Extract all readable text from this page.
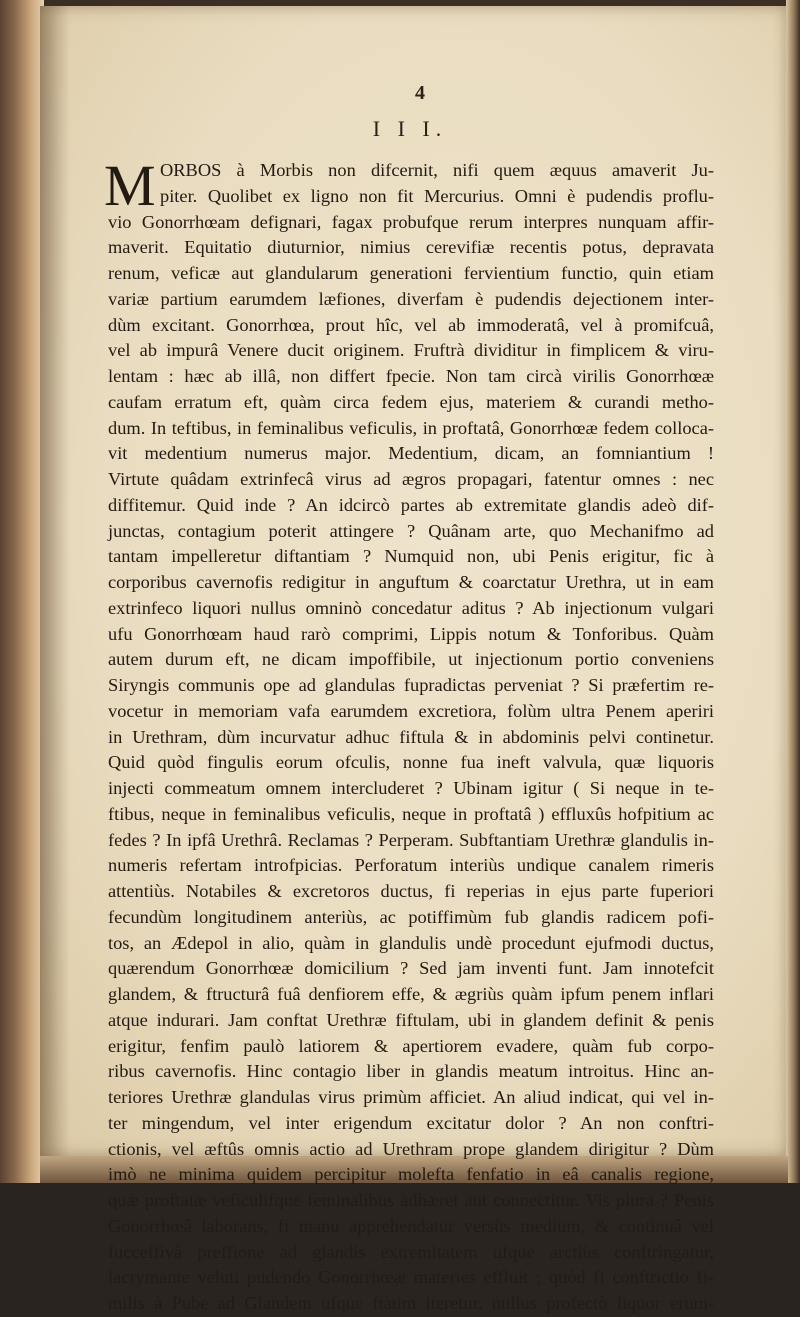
4
I I I.
M ORBOS à Morbis non difcernit, nifi quem æquus amaverit Ju-
piter. Quolibet ex ligno non fit Mercurius. Omni è pudendis proflu-
vio Gonorrhœam defignari, fagax probufque rerum interpres nunquam affir-
maverit. Equitatio diuturnior, nimius cerevifiæ recentis potus, depravata
renum, veficæ aut glandularum generationi fervientium functio, quin etiam
variæ partium earumdem læfiones, diverfam è pudendis dejectionem inter-
dùm excitant. Gonorrhœa, prout hîc, vel ab immoderatâ, vel à promifcuâ,
vel ab impurâ Venere ducit originem. Fruftrà dividitur in fimplicem & viru-
lentam : hæc ab illâ, non differt fpecie. Non tam circà virilis Gonorrhœæ
caufam erratum eft, quàm circa fedem ejus, materiem & curandi metho-
dum. In teftibus, in feminalibus veficulis, in proftatâ, Gonorrhœæ fedem colloca-
vit medentium numerus major. Medentium, dicam, an fomniantium !
Virtute quâdam extrinfecâ virus ad ægros propagari, fatentur omnes : nec
diffitemur. Quid inde ? An idcircò partes ab extremitate glandis adeò dif-
junctas, contagium poterit attingere ? Quânam arte, quo Mechanifmo ad
tantam impelleretur diftantiam ? Numquid non, ubi Penis erigitur, fic à
corporibus cavernofis redigitur in anguftum & coarctatur Urethra, ut in eam
extrinfeco liquori nullus omninò concedatur aditus ? Ab injectionum vulgari
ufu Gonorrhœam haud rarò comprimi, Lippis notum & Tonforibus. Quàm
autem durum eft, ne dicam impoffibile, ut injectionum portio conveniens
Siryngis communis ope ad glandulas fupradictas perveniat ? Si præfertim re-
vocetur in memoriam vafa earumdem excretiora, folùm ultra Penem aperiri
in Urethram, dùm incurvatur adhuc fiftula & in abdominis pelvi continetur.
Quid quòd fingulis eorum ofculis, nonne fua ineft valvula, quæ liquoris
injecti commeatum omnem intercluderet ? Ubinam igitur ( Si neque in te-
ftibus, neque in feminalibus veficulis, neque in proftatâ ) effluxûs hofpitium ac
fedes ? In ipfâ Urethrâ. Reclamas ? Perperam. Subftantiam Urethræ glandulis in-
numeris refertam introfpicias. Perforatum interiùs undique canalem rimeris
attentiùs. Notabiles & excretoros ductus, fi reperias in ejus parte fuperiori
fecundùm longitudinem anteriùs, ac potiffimùm fub glandis radicem pofi-
tos, an Ædepol in alio, quàm in glandulis undè procedunt ejufmodi ductus,
quærendum Gonorrhœæ domicilium ? Sed jam inventi funt. Jam innotefcit
glandem, & ftructurâ fuâ denfiorem effe, & ægriùs quàm ipfum penem inflari
atque indurari. Jam conftat Urethræ fiftulam, ubi in glandem definit & penis
erigitur, fenfim paulò latiorem & apertiorem evadere, quàm fub corpo-
ribus cavernofis. Hinc contagio liber in glandis meatum introitus. Hinc an-
teriores Urethræ glandulas virus primùm afficiet. An aliud indicat, qui vel in-
ter mingendum, vel inter erigendum excitatur dolor ? An non conftri-
ctionis, vel æftûs omnis actio ad Urethram prope glandem dirigitur ? Dùm
imò ne minima quidem percipitur molefta fenfatio in eâ canalis regione,
quæ proftatæ veficulifque feminalibus adhæret aut connectitur. Vis plura ? Penis
Gonorrhœâ laborans, fi manu apprehendatur versùs medium, & continuâ vel
fucceffivâ preffione ad glandis extremitatem ufque arctiùs conftringatur,
lacrymante veluti pudendo Gonorrhœæ materies effluit ; quòd fi conftrictio fi-
milis à Pube ad Glandem ufque ftatim iteretur, nullus profectò liquor erum-
